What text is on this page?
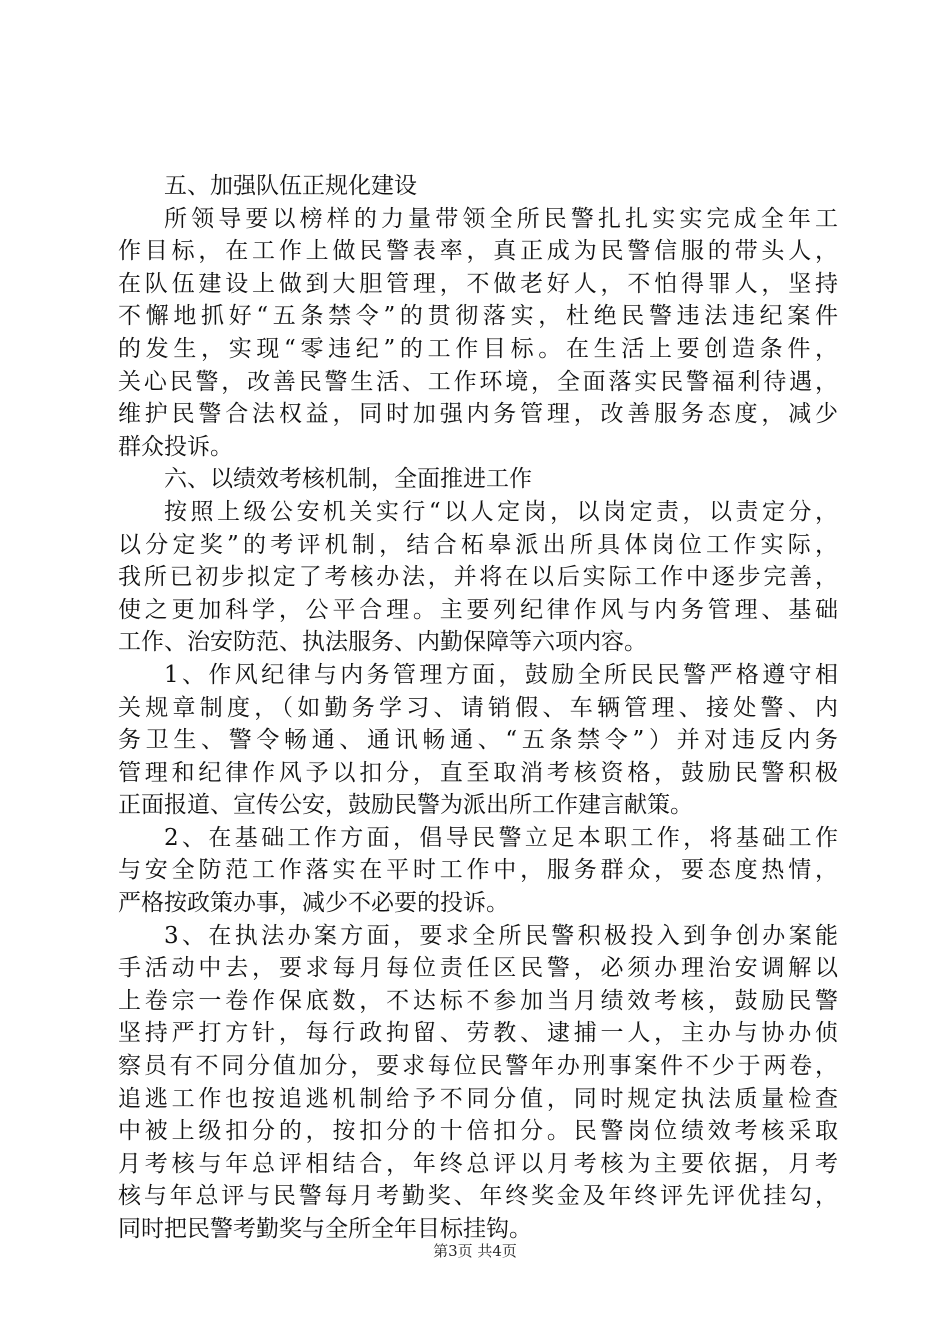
五、加强队伍正规化建设
所领导要以榜样的力量带领全所民警扎扎实实完成全年工
作目标，在工作上做民警表率，真正成为民警信服的带头人，
在队伍建设上做到大胆管理，不做老好人，不怕得罪人，坚持
不懈地抓好“五条禁令”的贯彻落实，杜绝民警违法违纪案件
的发生，实现“零违纪”的工作目标。在生活上要创造条件，
关心民警，改善民警生活、工作环境，全面落实民警福利待遇，
维护民警合法权益，同时加强内务管理，改善服务态度，减少
群众投诉。
六、以绩效考核机制，全面推进工作
按照上级公安机关实行“以人定岗，以岗定责，以责定分，
以分定奖”的考评机制，结合柘皋派出所具体岗位工作实际，
我所已初步拟定了考核办法，并将在以后实际工作中逐步完善，
使之更加科学，公平合理。主要列纪律作风与内务管理、基础
工作、治安防范、执法服务、内勤保障等六项内容。
1、作风纪律与内务管理方面，鼓励全所民民警严格遵守相
关规章制度，（如勤务学习、请销假、车辆管理、接处警、内
务卫生、警令畅通、通讯畅通、“五条禁令”）并对违反内务
管理和纪律作风予以扣分，直至取消考核资格，鼓励民警积极
正面报道、宣传公安，鼓励民警为派出所工作建言献策。
2、在基础工作方面，倡导民警立足本职工作，将基础工作
与安全防范工作落实在平时工作中，服务群众，要态度热情，
严格按政策办事，减少不必要的投诉。
3、在执法办案方面，要求全所民警积极投入到争创办案能
手活动中去，要求每月每位责任区民警，必须办理治安调解以
上卷宗一卷作保底数，不达标不参加当月绩效考核，鼓励民警
坚持严打方针，每行政拘留、劳教、逮捕一人，主办与协办侦
察员有不同分值加分，要求每位民警年办刑事案件不少于两卷，
追逃工作也按追逃机制给予不同分值，同时规定执法质量检查
中被上级扣分的，按扣分的十倍扣分。民警岗位绩效考核采取
月考核与年总评相结合，年终总评以月考核为主要依据，月考
核与年总评与民警每月考勤奖、年终奖金及年终评先评优挂勾，
同时把民警考勤奖与全所全年目标挂钩。
第3页 共4页
